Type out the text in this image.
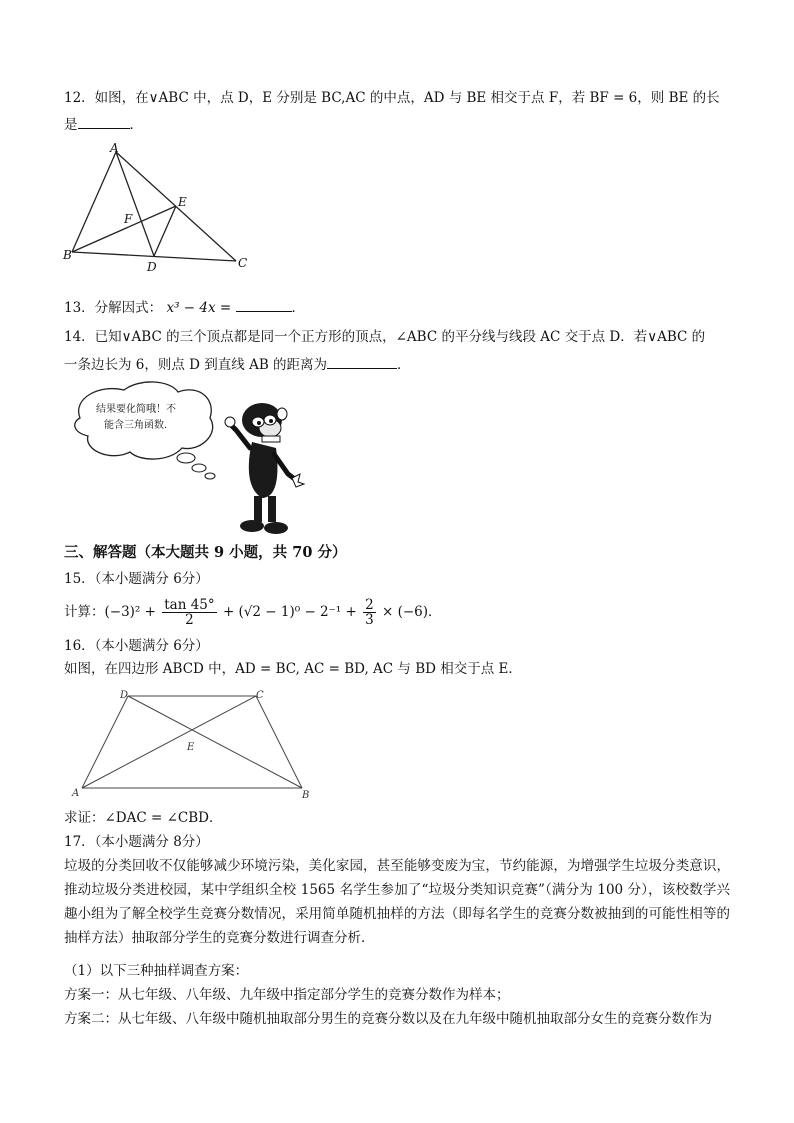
12．如图，在∨ABC 中，点 D，E 分别是 BC,AC 的中点，AD 与 BE 相交于点 F，若 BF = 6，则 BE 的长
是	．
A
B
C
D
E
F
13．分解因式： x³ − 4x =	．
14．已知∨ABC 的三个顶点都是同一个正方形的顶点，∠ABC 的平分线与线段 AC 交于点 D．若∨ABC 的
一条边长为 6，则点 D 到直线 AB 的距离为	．
结果要化简哦！不
能含三角函数．
三、解答题（本大题共 9 小题，共 70 分）
15．（本小题满分 6分）
计算：$(-3)^2 + \frac{\tan 45^\circ}{2} + (√2 - 1)^0 - 2^{-1} + \frac{2}{3} \times (-6)$．
16．（本小题满分 6分）
如图，在四边形 ABCD 中，AD = BC, AC = BD, AC 与 BD 相交于点 E．
D	C
A	B
E
求证：∠DAC = ∠CBD．
17．（本小题满分 8分）
垃圾的分类回收不仅能够减少环境污染，美化家园，甚至能够变废为宝，节约能源，为增强学生垃圾分类意识，推动垃圾分类进校园，某中学组织全校 1565 名学生参加了“垃圾分类知识竞赛”（满分为 100 分），该校数学兴趣小组为了解全校学生竞赛分数情况，采用简单随机抽样的方法（即每名学生的竞赛分数被抽到的可能性相等的抽样方法）抽取部分学生的竞赛分数进行调查分析．
（1）以下三种抽样调查方案：
方案一：从七年级、八年级、九年级中指定部分学生的竞赛分数作为样本；
方案二：从七年级、八年级中随机抽取部分男生的竞赛分数以及在九年级中随机抽取部分女生的竞赛分数作为
